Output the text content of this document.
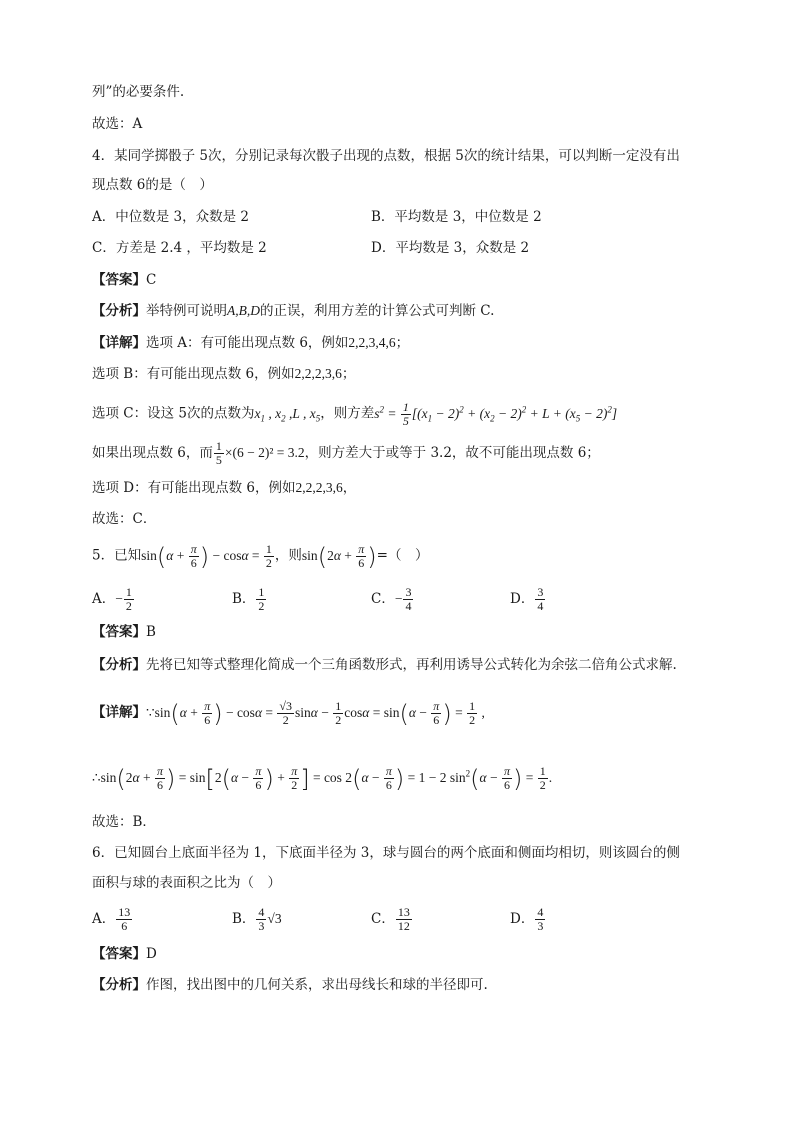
列”的必要条件.
故选：A
4．某同学掷骰子 5次，分别记录每次骰子出现的点数，根据 5次的统计结果，可以判断一定没有出
现点数 6的是（　）
A．中位数是 3，众数是 2	B．平均数是 3，中位数是 2
C．方差是 2.4 ，平均数是 2	D．平均数是 3，众数是 2
【答案】C
【分析】举特例可说明A,B,D的正误，利用方差的计算公式可判断 C.
【详解】选项 A：有可能出现点数 6，例如2,2,3,4,6；
选项 B：有可能出现点数 6，例如2,2,2,3,6；
选项 C：设这 5次的点数为$x_1$ , $x_2$ ,L , $x_5$，则方差$s^2 = \frac{1}{5} [(x_1 - 2)^2 + (x_2 - 2)^2 + L + (x_5 - 2)^2]$
如果出现点数 6，而 $\frac{1}{5} \times(6 - 2)^2 = 3.2$，则方差大于或等于 3.2，故不可能出现点数 6；
选项 D：有可能出现点数 6，例如2,2,2,3,6，
故选：C．
5．已知$\sin(\alpha + \frac{\pi}{6}$ ) − $\cos\alpha = \frac{1}{2}$ ，则$\sin(2\alpha + \frac{\pi}{6}$ )=（　）
A．− $\frac{1}{2}$	B． $\frac{1}{2}$	C．− $\frac{3}{4}$	D． $\frac{3}{4}$
【答案】B
【分析】先将已知等式整理化简成一个三角函数形式，再利用诱导公式转化为余弦二倍角公式求解.
【详解】∵sin(α + $\frac{\pi}{6}$ ) − $\cos\alpha = \frac{√3}{2}$ $\sin\alpha - \frac{1}{2}$ $\cos\alpha = \sin(\alpha - \frac{\pi}{6}$ ) = $\frac{1}{2}$ ,
∴sin(2α + $\frac{\pi}{6}$ ) = $\sin[2(\alpha - \frac{\pi}{6}$ ) + $\frac{\pi}{2}$ ] = $\cos 2(\alpha - \frac{\pi}{6}$ ) = 1 − 2 $\sin^2(\alpha - \frac{\pi}{6}$ ) = $\frac{1}{2}$ .
故选：B．
6．已知圆台上底面半径为 1，下底面半径为 3，球与圆台的两个底面和侧面均相切，则该圆台的侧
面积与球的表面积之比为（　）
A． $\frac{13}{6}$	B． $\frac{4}{3} √3$	C． $\frac{13}{12}$	D． $\frac{4}{3}$
【答案】D
【分析】作图，找出图中的几何关系，求出母线长和球的半径即可.
